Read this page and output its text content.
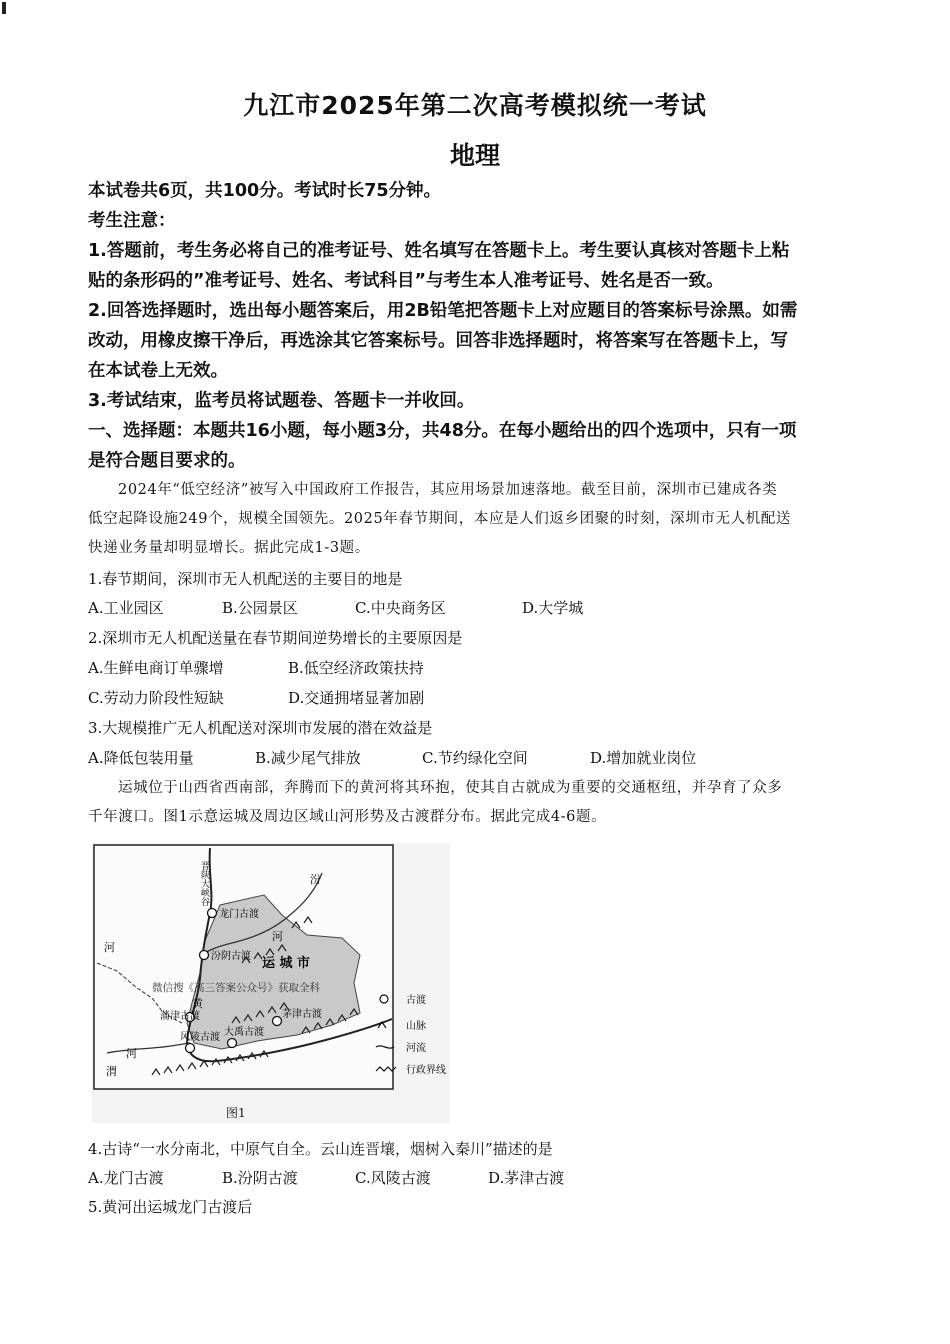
九江市2025年第二次高考模拟统一考试
地理
本试卷共6页，共100分。考试时长75分钟。
考生注意：
1.答题前，考生务必将自己的准考证号、姓名填写在答题卡上。考生要认真核对答题卡上粘
贴的条形码的”准考证号、姓名、考试科目”与考生本人准考证号、姓名是否一致。
2.回答选择题时，选出每小题答案后，用2B铅笔把答题卡上对应题目的答案标号涂黑。如需
改动，用橡皮擦干净后，再选涂其它答案标号。回答非选择题时，将答案写在答题卡上，写
在本试卷上无效。
3.考试结束，监考员将试题卷、答题卡一并收回。
一、选择题：本题共16小题，每小题3分，共48分。在每小题给出的四个选项中，只有一项
是符合题目要求的。
2024年“低空经济”被写入中国政府工作报告，其应用场景加速落地。截至目前，深圳市已建成各类
低空起降设施249个，规模全国领先。2025年春节期间，本应是人们返乡团聚的时刻，深圳市无人机配送
快递业务量却明显增长。据此完成1-3题。
1.春节期间，深圳市无人机配送的主要目的地是
A.工业园区	B.公园景区	C.中央商务区	D.大学城
2.深圳市无人机配送量在春节期间逆势增长的主要原因是
A.生鲜电商订单骤增	B.低空经济政策扶持
C.劳动力阶段性短缺	D.交通拥堵显著加剧
3.大规模推广无人机配送对深圳市发展的潜在效益是
A.降低包装用量	B.减少尾气排放	C.节约绿化空间	D.增加就业岗位
运城位于山西省西南部，奔腾而下的黄河将其环抱，使其自古就成为重要的交通枢纽，并孕育了众多
千年渡口。图1示意运城及周边区域山河形势及古渡群分布。据此完成4-6题。
晋陕大峡谷	汾
河
运 城 市
微信搜《高三答案公众号》获取全科
河
黄
河
渭
龙门古渡
汾阴古渡
蒲津古渡
风陵古渡 大禹古渡
茅津古渡
古渡
山脉
河流
行政界线
图1
4.古诗“一水分南北，中原气自全。云山连晋壤，烟树入秦川”描述的是
A.龙门古渡	B.汾阴古渡	C.风陵古渡	D.茅津古渡
5.黄河出运城龙门古渡后
